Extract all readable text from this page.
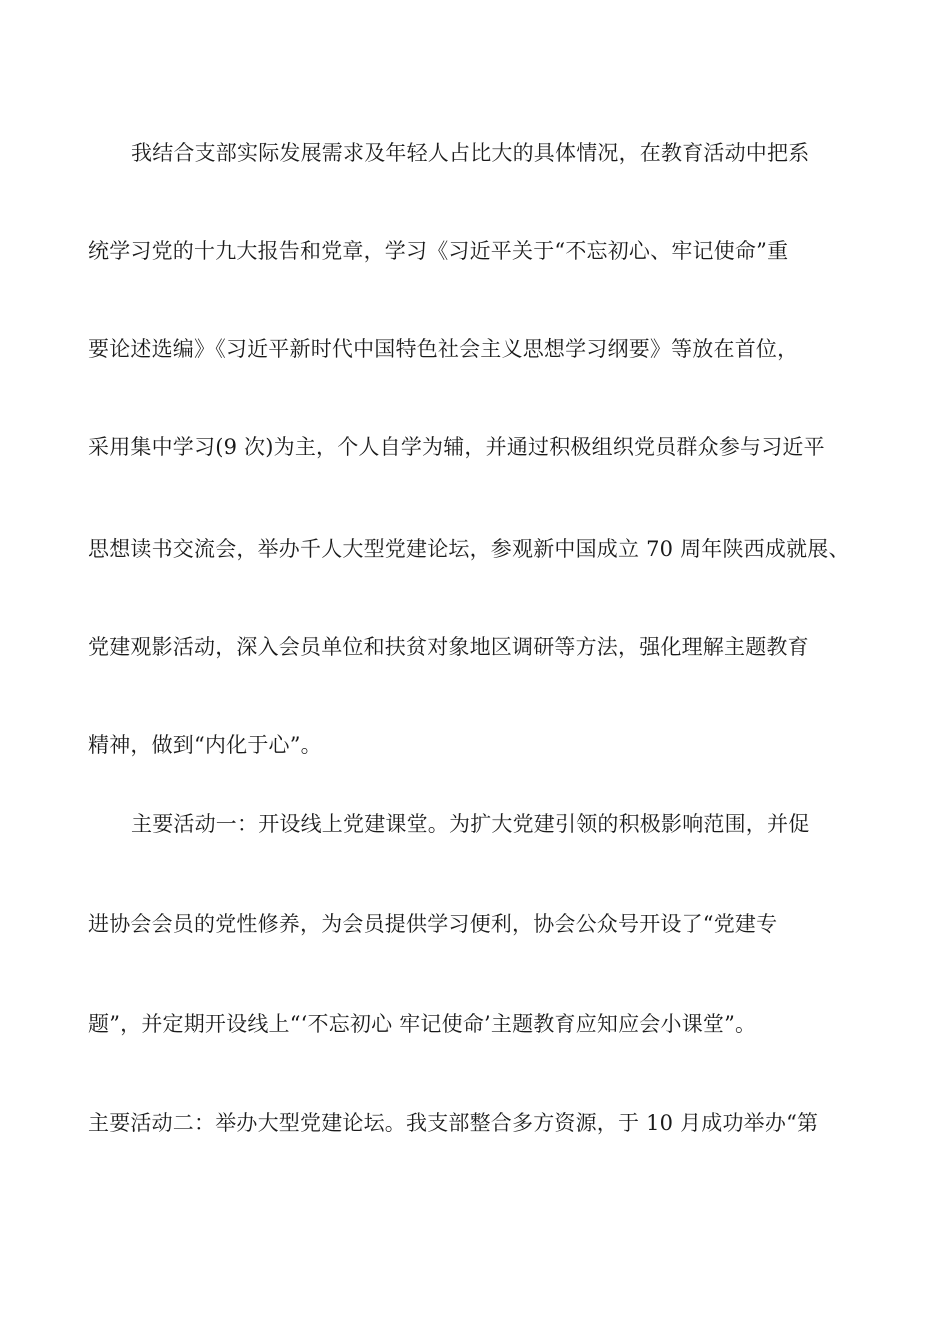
我结合支部实际发展需求及年轻人占比大的具体情况，在教育活动中把系
统学习党的十九大报告和党章，学习《习近平关于“不忘初心、牢记使命”重
要论述选编》《习近平新时代中国特色社会主义思想学习纲要》等放在首位，
采用集中学习(9 次)为主，个人自学为辅，并通过积极组织党员群众参与习近平
思想读书交流会，举办千人大型党建论坛，参观新中国成立 70 周年陕西成就展、
党建观影活动，深入会员单位和扶贫对象地区调研等方法，强化理解主题教育
精神，做到“内化于心”。
主要活动一：开设线上党建课堂。为扩大党建引领的积极影响范围，并促
进协会会员的党性修养，为会员提供学习便利，协会公众号开设了“党建专
题”，并定期开设线上“‘不忘初心 牢记使命’主题教育应知应会小课堂”。
主要活动二：举办大型党建论坛。我支部整合多方资源，于 10 月成功举办“第
